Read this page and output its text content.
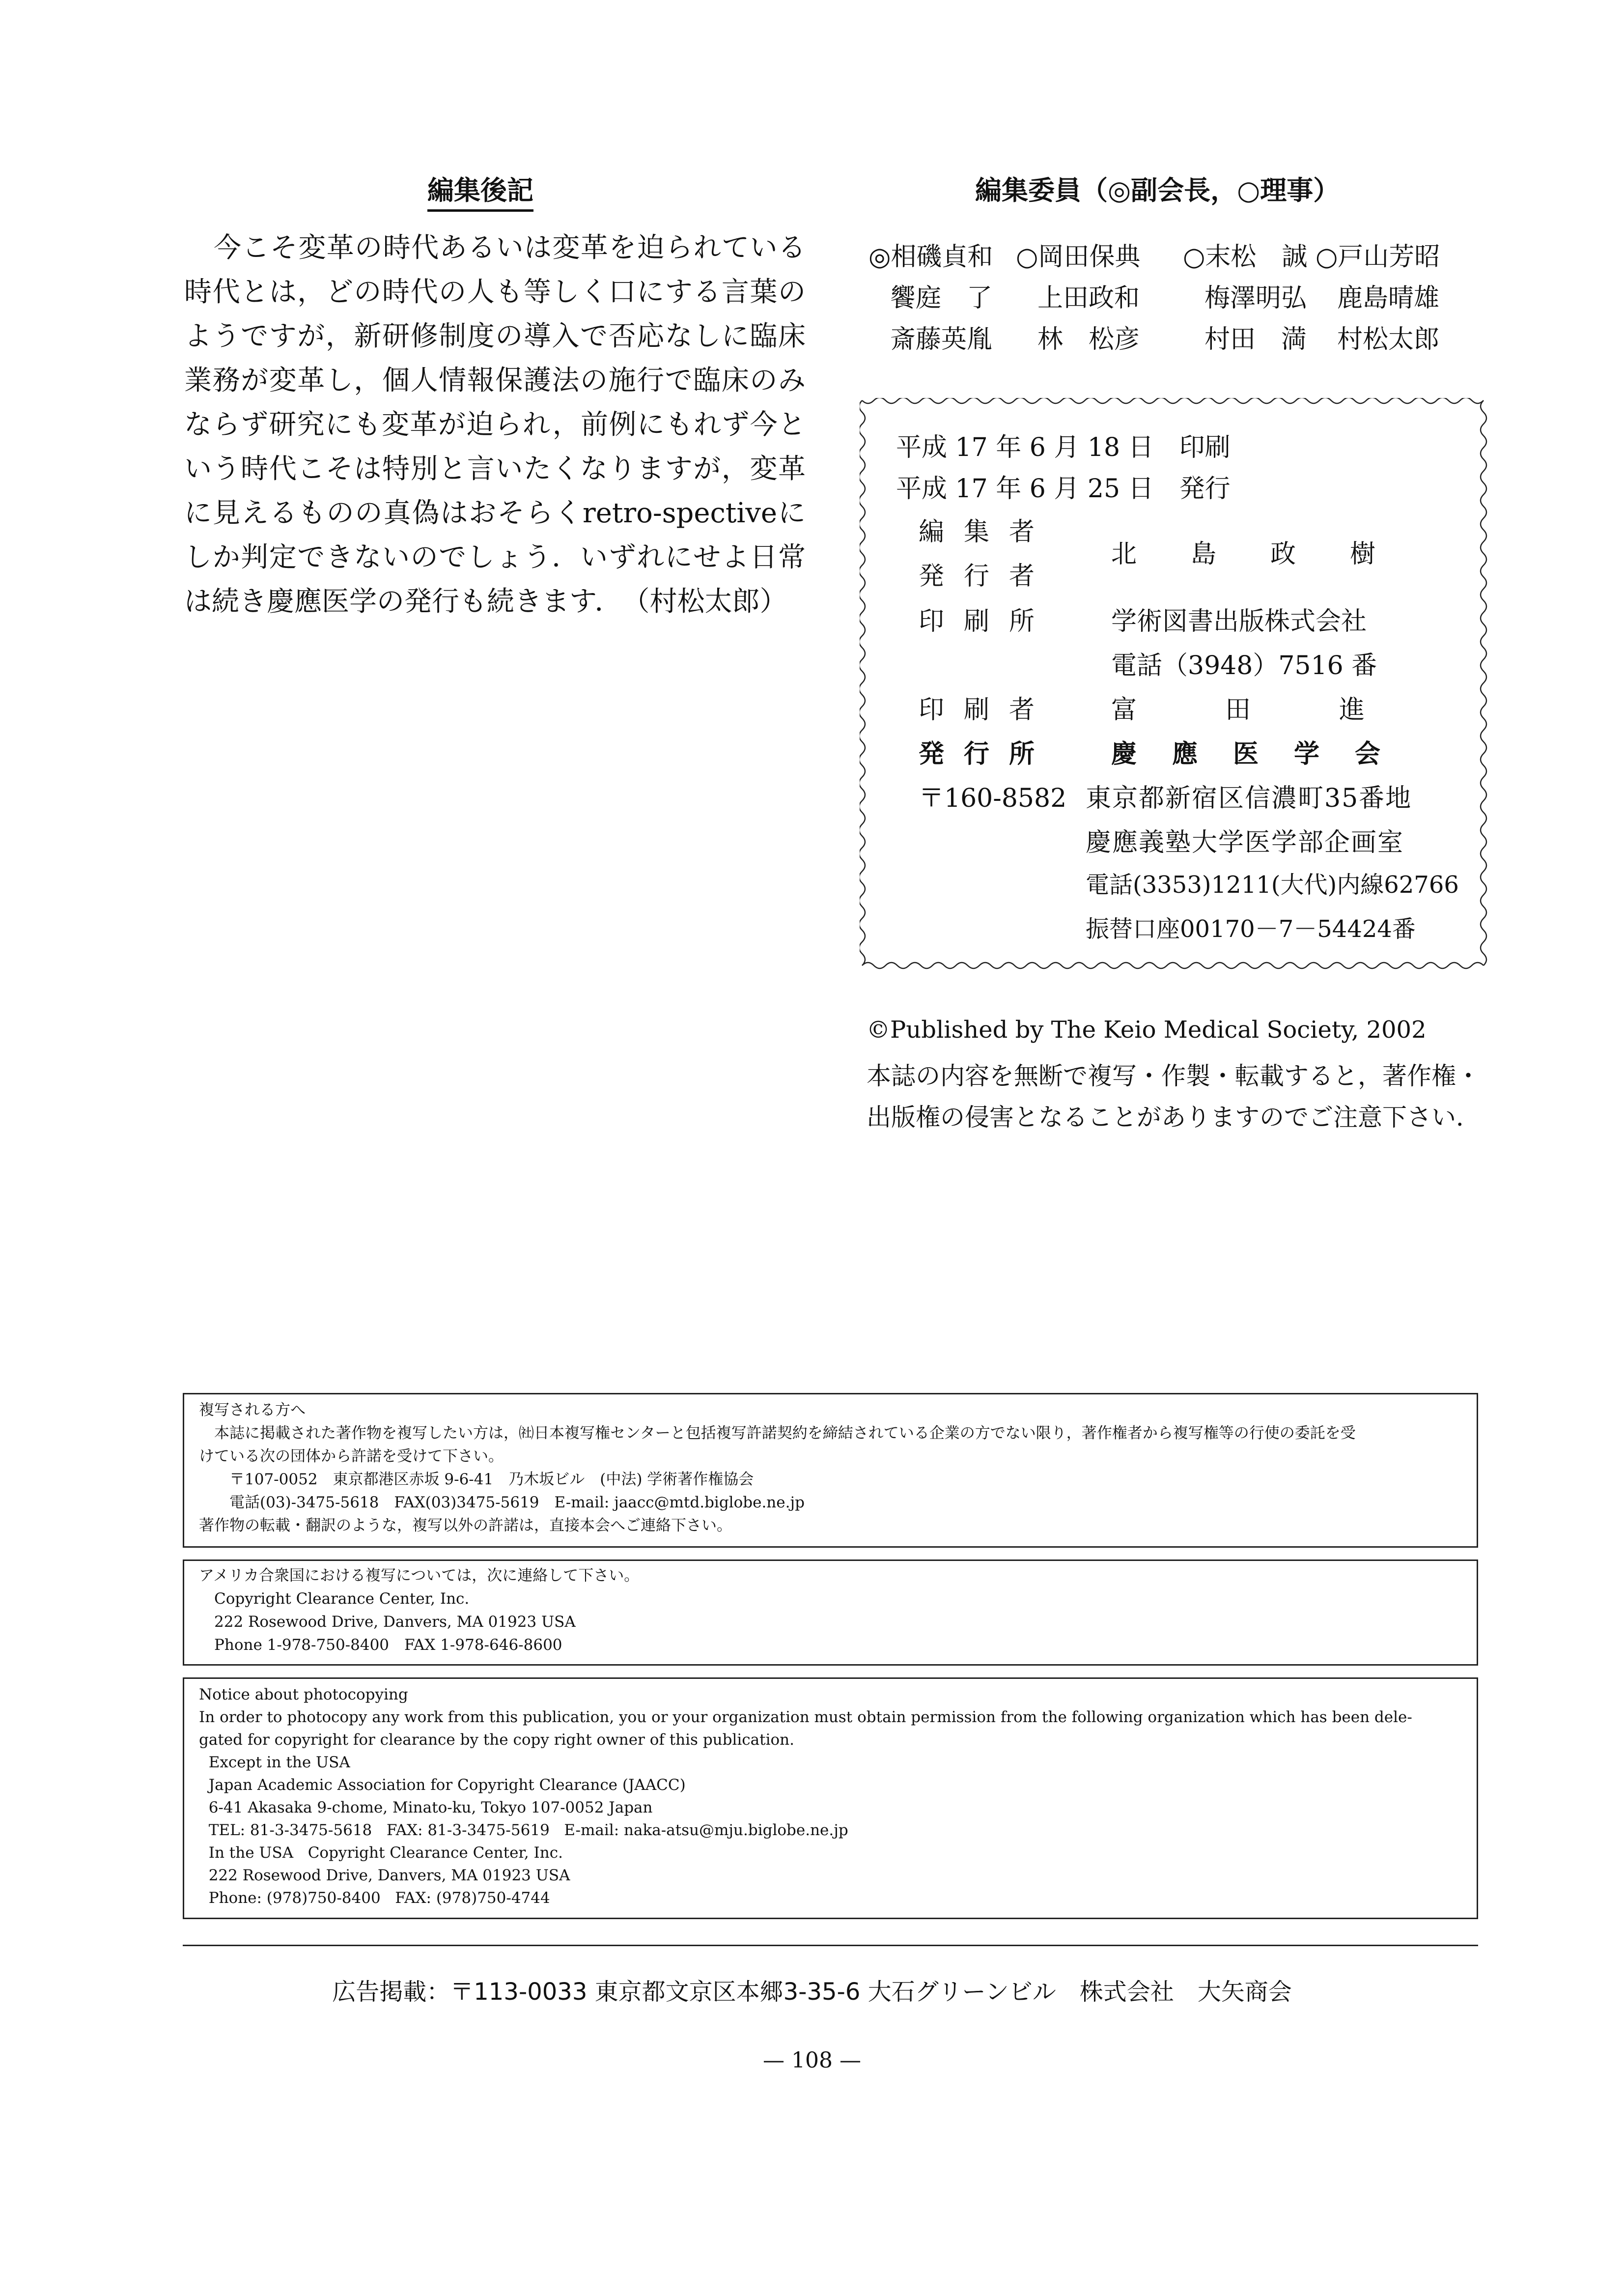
編集後記
今こそ変革の時代あるいは変革を迫られている時代とは，どの時代の人も等しく口にする言葉のようですが，新研修制度の導入で否応なしに臨床業務が変革し，個人情報保護法の施行で臨床のみならず研究にも変革が迫られ，前例にもれず今という時代こそは特別と言いたくなりますが，変革に見えるものの真偽はおそらくretro-spectiveにしか判定できないのでしょう．いずれにせよ日常は続き慶應医学の発行も続きます．　（村松太郎）
編集委員（◎副会長，○理事）
◎相磯貞和 ○岡田保典 ○末松　誠 ○戸山芳昭
饗庭　了 上田政和	梅澤明弘 鹿島晴雄
斎藤英胤 林　松彦	村田　満 村松太郎
平成 17 年 6 月 18 日　印刷
平成 17 年 6 月 25 日　発行
編集者
発行者
北島政樹
印刷所 学術図書出版株式会社
電話（3948）7516 番
印刷者 富田進
発行所 慶應医学会
〒160-8582 東京都新宿区信濃町35番地
慶應義塾大学医学部企画室
電話(3353)1211(大代)内線62766
振替口座00170－7－54424番
©Published by The Keio Medical Society, 2002
本誌の内容を無断で複写・作製・転載すると，著作権・
出版権の侵害となることがありますのでご注意下さい．
複写される方へ
　本誌に掲載された著作物を複写したい方は，㈳日本複写権センターと包括複写許諾契約を締結されている企業の方でない限り，著作権者から複写権等の行使の委託を受
けている次の団体から許諾を受けて下さい。
　　〒107-0052　東京都港区赤坂 9-6-41　乃木坂ビル　(中法) 学術著作権協会
　　電話(03)-3475-5618　FAX(03)3475-5619　E-mail: jaacc@mtd.biglobe.ne.jp
著作物の転載・翻訳のような，複写以外の許諾は，直接本会へご連絡下さい。
アメリカ合衆国における複写については，次に連絡して下さい。
　Copyright Clearance Center, Inc.
　222 Rosewood Drive, Danvers, MA 01923 USA
　Phone 1-978-750-8400　FAX 1-978-646-8600
Notice about photocopying
In order to photocopy any work from this publication, you or your organization must obtain permission from the following organization which has been dele-
gated for copyright for clearance by the copy right owner of this publication.
Except in the USA
Japan Academic Association for Copyright Clearance (JAACC)
6-41 Akasaka 9-chome, Minato-ku, Tokyo 107-0052 Japan
TEL: 81-3-3475-5618   FAX: 81-3-3475-5619   E-mail: naka-atsu@mju.biglobe.ne.jp
In the USA   Copyright Clearance Center, Inc.
222 Rosewood Drive, Danvers, MA 01923 USA
Phone: (978)750-8400   FAX: (978)750-4744
広告掲載：〒113-0033 東京都文京区本郷3-35-6 大石グリーンビル　株式会社　大矢商会
— 108 —
